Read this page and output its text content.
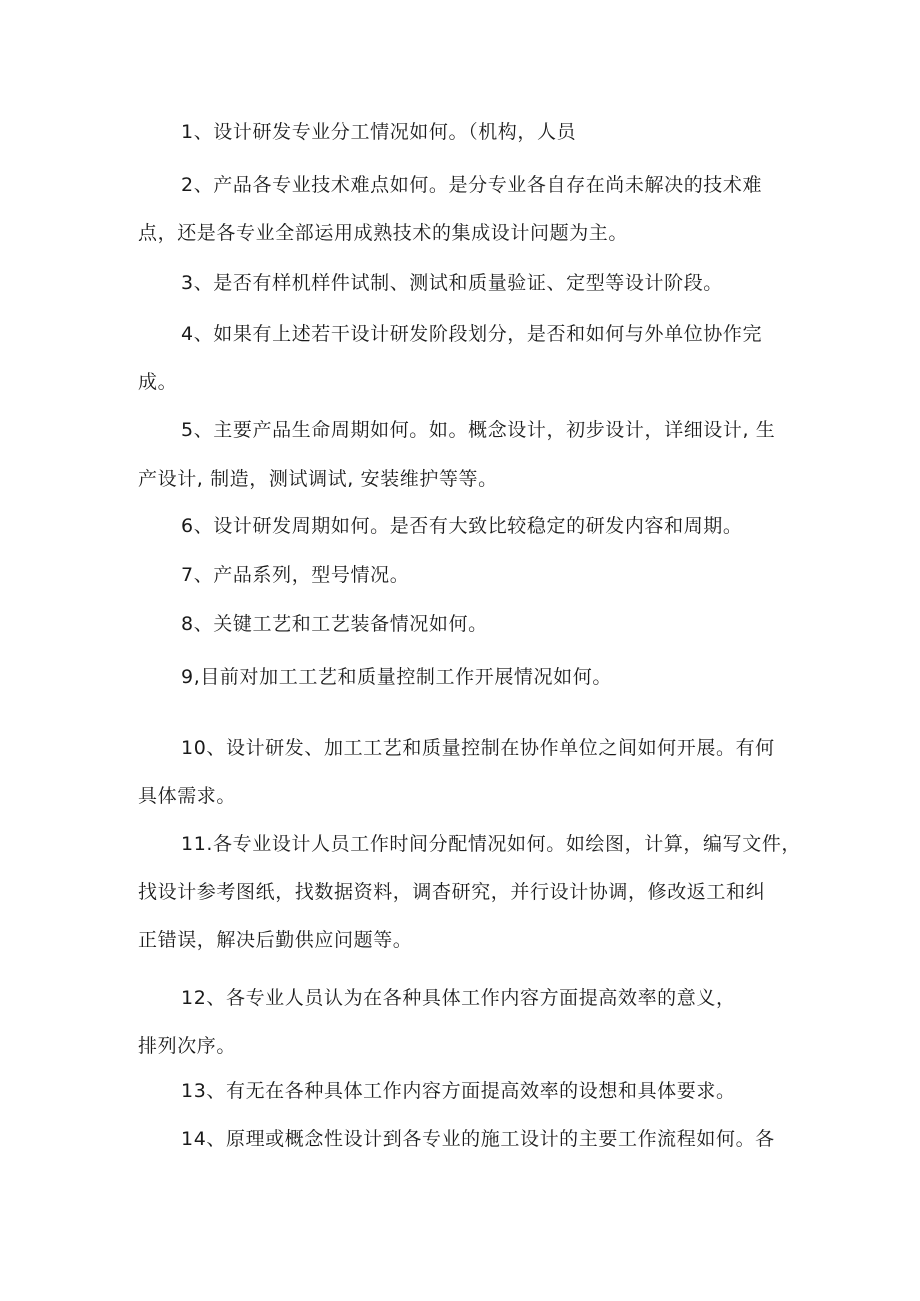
1、设计研发专业分工情况如何。（机构，人员
2、产品各专业技术难点如何。是分专业各自存在尚未解决的技术难
点，还是各专业全部运用成熟技术的集成设计问题为主。
3、是否有样机样件试制、测试和质量验证、定型等设计阶段。
4、如果有上述若干设计研发阶段划分，是否和如何与外单位协作完
成。
5、主要产品生命周期如何。如。概念设计，初步设计，详细设计, 生
产设计, 制造，测试调试, 安装维护等等。
6、设计研发周期如何。是否有大致比较稳定的研发内容和周期。
7、产品系列，型号情况。
8、关键工艺和工艺装备情况如何。
9,目前对加工工艺和质量控制工作开展情况如何。
10、设计研发、加工工艺和质量控制在协作单位之间如何开展。有何
具体需求。
11.各专业设计人员工作时间分配情况如何。如绘图，计算，编写文件，
找设计参考图纸，找数据资料，调杳研究，并行设计协调，修改返工和纠
正错误，解决后勤供应问题等。
12、各专业人员认为在各种具体工作内容方面提高效率的意义，
排列次序。
13、有无在各种具体工作内容方面提高效率的设想和具体要求。
14、原理或概念性设计到各专业的施工设计的主要工作流程如何。各
